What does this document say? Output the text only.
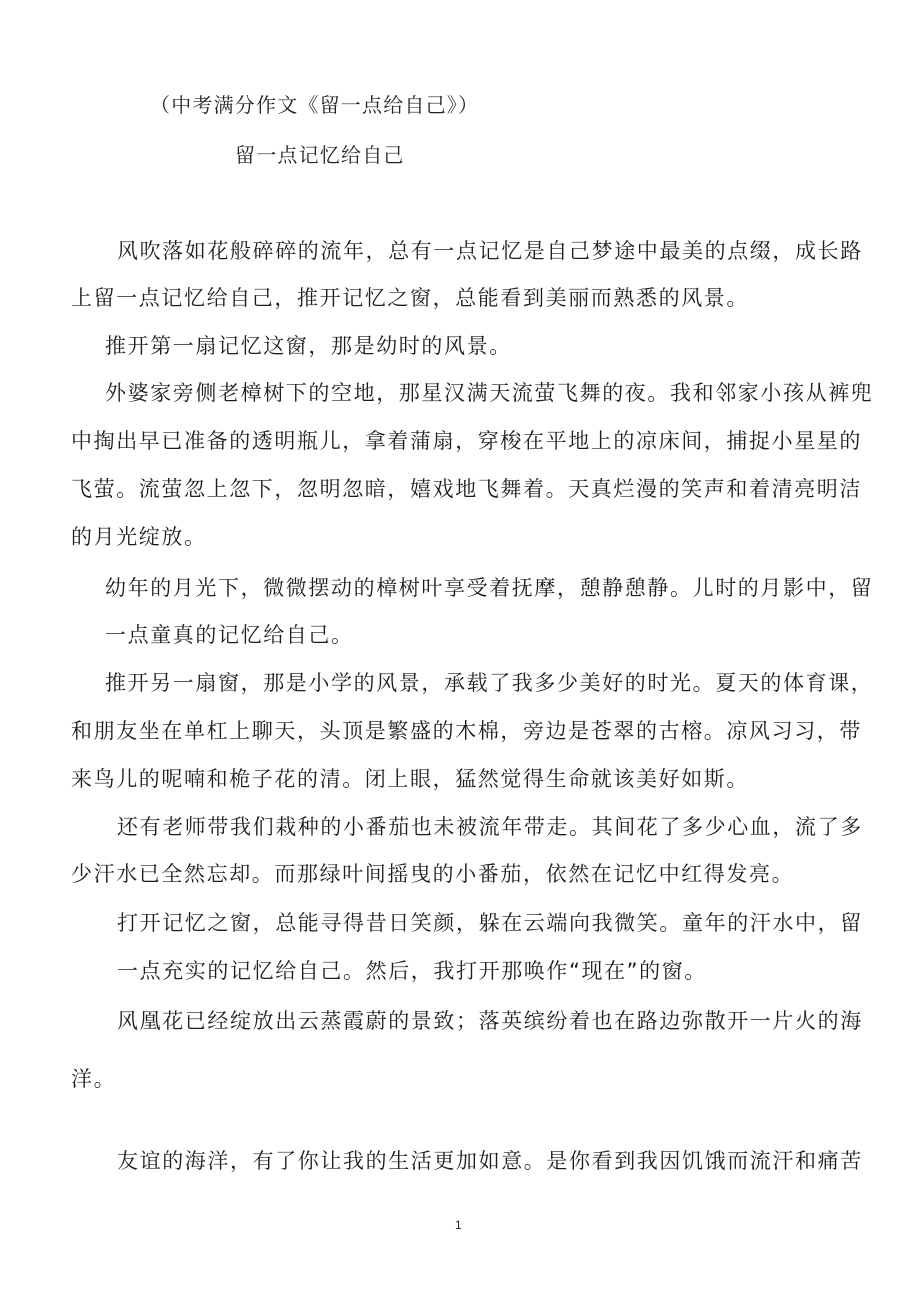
（中考满分作文《留一点给自己》）
留一点记忆给自己
风吹落如花般碎碎的流年，总有一点记忆是自己梦途中最美的点缀，成长路
上留一点记忆给自己，推开记忆之窗，总能看到美丽而熟悉的风景。
推开第一扇记忆这窗，那是幼时的风景。
外婆家旁侧老樟树下的空地，那星汉满天流萤飞舞的夜。我和邻家小孩从裤兜
中掏出早已准备的透明瓶儿，拿着蒲扇，穿梭在平地上的凉床间，捕捉小星星的
飞萤。流萤忽上忽下，忽明忽暗，嬉戏地飞舞着。天真烂漫的笑声和着清亮明洁
的月光绽放。
幼年的月光下，微微摆动的樟树叶享受着抚摩，憩静憩静。儿时的月影中，留
一点童真的记忆给自己。
推开另一扇窗，那是小学的风景，承载了我多少美好的时光。夏天的体育课，
和朋友坐在单杠上聊天，头顶是繁盛的木棉，旁边是苍翠的古榕。凉风习习，带
来鸟儿的呢喃和桅子花的清。闭上眼，猛然觉得生命就该美好如斯。
还有老师带我们栽种的小番茄也未被流年带走。其间花了多少心血，流了多
少汗水已全然忘却。而那绿叶间摇曳的小番茄，依然在记忆中红得发亮。
打开记忆之窗，总能寻得昔日笑颜，躲在云端向我微笑。童年的汗水中，留
一点充实的记忆给自己。然后，我打开那唤作“现在”的窗。
风凰花已经绽放出云蒸霞蔚的景致；落英缤纷着也在路边弥散开一片火的海
洋。
友谊的海洋，有了你让我的生活更加如意。是你看到我因饥饿而流汗和痛苦
1
